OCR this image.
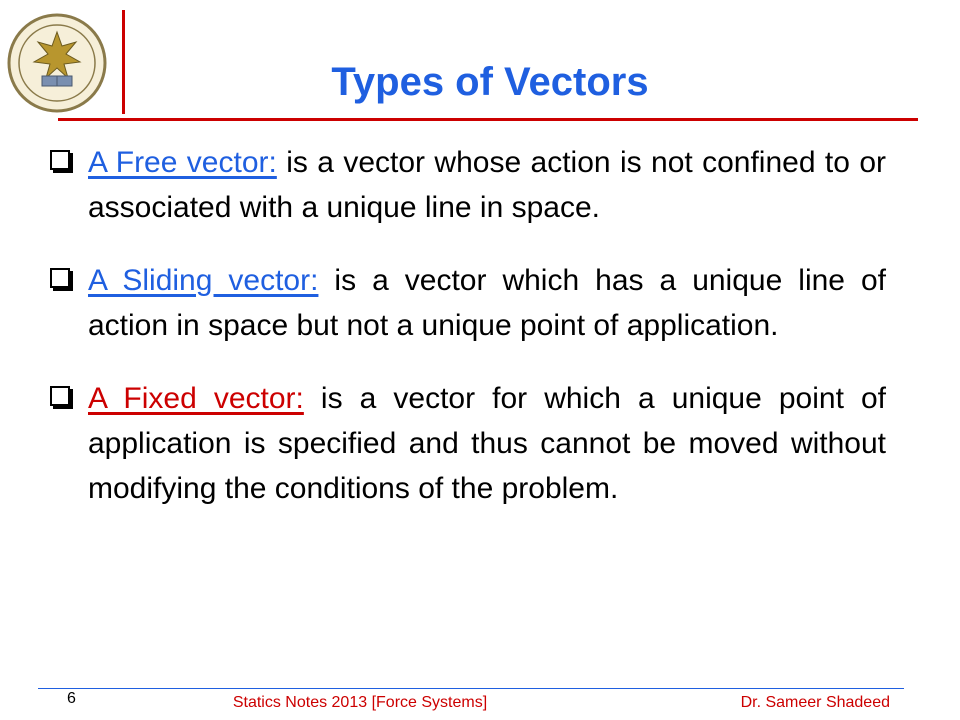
Types of Vectors
A Free vector: is a vector whose action is not confined to or associated with a unique line in space.
A Sliding vector: is a vector which has a unique line of action in space but not a unique point of application.
A Fixed vector: is a vector for which a unique point of application is specified and thus cannot be moved without modifying the conditions of the problem.
6	Statics Notes 2013 [Force Systems]	Dr. Sameer Shadeed
